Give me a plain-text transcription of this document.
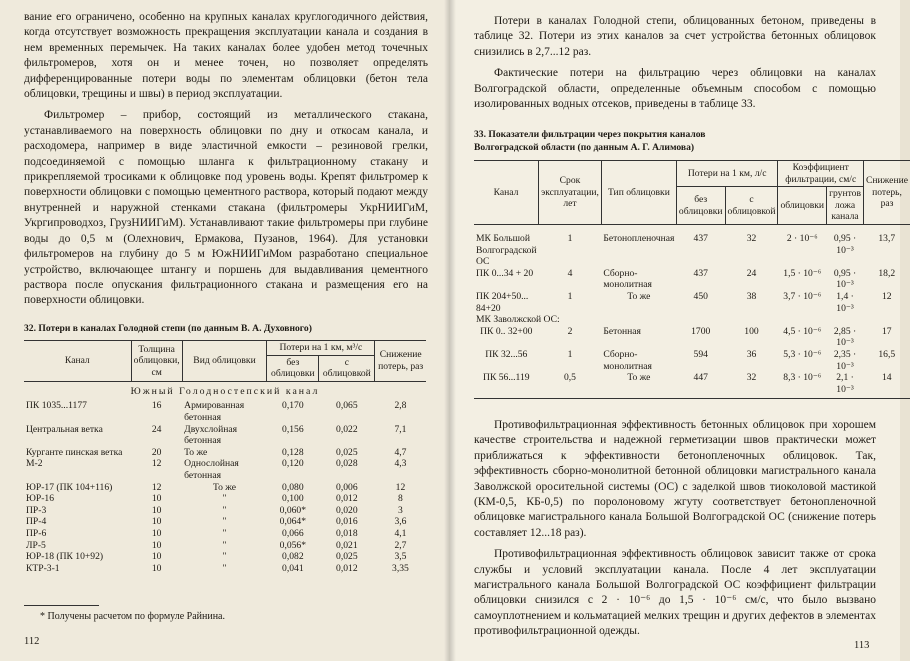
вание его ограничено, особенно на крупных каналах круглогодичного действия, когда отсутствует возможность прекращения эксплуатации канала и создания в нем временных перемычек. На таких каналах более удобен метод точечных фильтромеров, хотя он и менее точен, но позволяет определять дифференцированные потери воды по элементам облицовки (бетон тела облицовки, трещины и швы) в период эксплуатации.

Фильтромер – прибор, состоящий из металлического стакана, устанавливаемого на поверхность облицовки по дну и откосам канала, и расходомера, например в виде эластичной емкости – резиновой грелки, подсоединяемой с помощью шланга к фильтрационному стакану и прикрепляемой тросиками к облицовке под уровень воды. Крепят фильтромер к поверхности облицовки с помощью цементного раствора, который подают между внутренней и наружной стенками стакана (фильтромеры УкрНИИГиМ, Укргипроводхоз, ГрузНИИГиМ). Устанавливают такие фильтромеры при глубине воды до 0,5 м (Олехнович, Ермакова, Пузанов, 1964). Для установки фильтромеров на глубину до 5 м ЮжНИИГиМом разработано специальное устройство, включающее штангу и поршень для выдавливания цементного раствора после опускания фильтрационного стакана и размещения его на поверхности облицовки.

32. Потери в каналах Голодной степи (по данным В. А. Духовного)
Канал	Толщина облицовки, см	Вид облицовки	Потери на 1 км, м³/с		Снижение потерь, раз
			без облицовки	с облицовкой	
Южный Голодностепский канал					
ПК 1035...1177	16	Армированная бетонная	0,170	0,065	2,8
Центральная ветка	24	Двухслойная бетонная	0,156	0,022	7,1
Курганте пинская ветка	20	То же	0,128	0,025	4,7
М-2	12	Однослойная бетонная	0,120	0,028	4,3
ЮР-17 (ПК 104+116)	12	То же	0,080	0,006	12
ЮР-16	10	"	0,100	0,012	8
ПР-3	10	"	0,060*	0,020	3
ПР-4	10	"	0,064*	0,016	3,6
ПР-6	10	"	0,066	0,018	4,1
ЛР-5	10	"	0,056*	0,021	2,7
ЮР-18 (ПК 10+92)	10	"	0,082	0,025	3,5
КТР-3-1	10	"	0,041	0,012	3,35
* Получены расчетом по формуле Райнина.
112

Потери в каналах Голодной степи, облицованных бетоном, приведены в таблице 32. Потери из этих каналов за счет устройства бетонных облицовок снизились в 2,7...12 раз.

Фактические потери на фильтрацию через облицовки на каналах Волгоградской области, определенные объемным способом с помощью изолированных водных отсеков, приведены в таблице 33.

33. Показатели фильтрации через покрытия каналов
Волгоградской области (по данным А. Г. Алимова)
Канал	Срок эксплуатации, лет	Тип облицовки	Потери на 1 км, л/с		Коэффициент фильтрации, см/с		Снижение потерь, раз
			без облицовки	с облицовкой	облицовки	грунтов ложа канала	
МК Большой Волгоградской ОС	1	Бетонопленочная	437	32	2 · 10⁻⁶	0,95 · 10⁻³	13,7
ПК 0...34 + 20	4	Сборно-монолитная	437	24	1,5 · 10⁻⁶	0,95 · 10⁻³	18,2
ПК 204+50... 84+20	1	То же	450	38	3,7 · 10⁻⁶	1,4 · 10⁻³	12
МК Заволжской ОС:							
ПК 0.. 32+00	2	Бетонная	1700	100	4,5 · 10⁻⁶	2,85 · 10⁻³	17
ПК 32...56	1	Сборно-монолитная	594	36	5,3 · 10⁻⁶	2,35 · 10⁻³	16,5
ПК 56...119	0,5	То же	447	32	8,3 · 10⁻⁶	2,1 · 10⁻³	14

Противофильтрационная эффективность бетонных облицовок при хорошем качестве строительства и надежной герметизации швов практически может приближаться к эффективности бетонопленочных облицовок. Так, эффективность сборно-монолитной бетонной облицовки магистрального канала Заволжской оросительной системы (ОС) с заделкой швов тиоколовой мастикой (КМ-0,5, КБ-0,5) по поролоновому жгуту соответствует бетонопленочной облицовке магистрального канала Большой Волгоградской ОС (снижение потерь составляет 12...18 раз).

Противофильтрационная эффективность облицовок зависит также от срока службы и условий эксплуатации канала. После 4 лет эксплуатации магистрального канала Большой Волгоградской ОС коэффициент фильтрации облицовки снизился с 2 · 10⁻⁶ до 1,5 · 10⁻⁶ см/с, что было вызвано самоуплотнением и кольматацией мелких трещин и других дефектов в элементах противофильтрационной одежды.

113
